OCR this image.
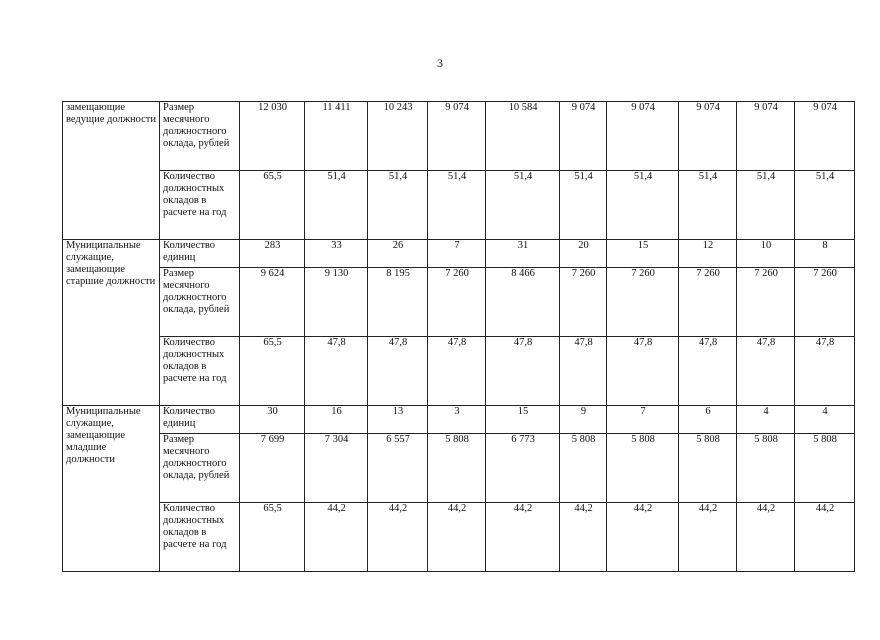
3
замещающие ведущие должности	Размер месячного должностного оклада, рублей	12 030	11 411	10 243	9 074	10 584	9 074	9 074	9 074	9 074	9 074
	Количество должностных окладов в расчете на год	65,5	51,4	51,4	51,4	51,4	51,4	51,4	51,4	51,4	51,4
Муниципальные служащие, замещающие старшие должности	Количество единиц	283	33	26	7	31	20	15	12	10	8
	Размер месячного должностного оклада, рублей	9 624	9 130	8 195	7 260	8 466	7 260	7 260	7 260	7 260	7 260
	Количество должностных окладов в расчете на год	65,5	47,8	47,8	47,8	47,8	47,8	47,8	47,8	47,8	47,8
Муниципальные служащие, замещающие младшие должности	Количество единиц	30	16	13	3	15	9	7	6	4	4
	Размер месячного должностного оклада, рублей	7 699	7 304	6 557	5 808	6 773	5 808	5 808	5 808	5 808	5 808
	Количество должностных окладов в расчете на год	65,5	44,2	44,2	44,2	44,2	44,2	44,2	44,2	44,2	44,2
